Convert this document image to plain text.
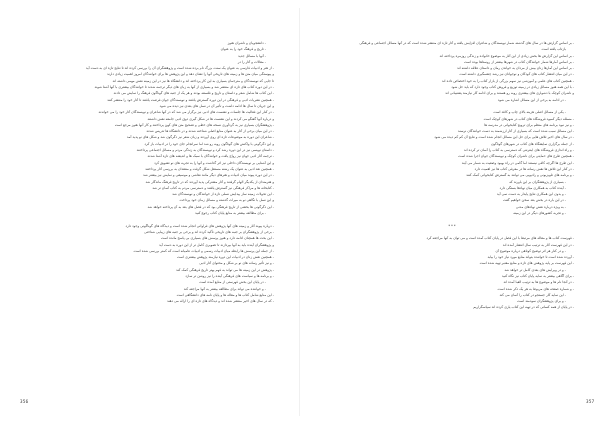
- دانشجویان و ناشران هنوز
- تاریخ و فرهنگ خود را به عنوان
- آنها با مسائل جدید
- مقالات و آثار را در
- از هنر و ادبیات فارسی به عنوان یک سنت بزرگ نام برده شده است و پژوهشگران آن را بررسی کرده اند تا نتایج تازه ای به دست آید
و پیوستگی میان متن ها و زمینه های تاریخی آنها را نشان دهد و این پژوهش ها برای خوانندگان امروز اهمیت زیادی دارند
تا جایی که نویسندگان و مترجمان بسیاری به این کار پرداخته اند و دانشگاه ها نیز در این زمینه نقش مهمی داشته اند
- در این دوره کتاب های تازه ای منتشر شد و بسیاری از آنها به زبان های دیگر ترجمه شدند تا خوانندگان بیشتری با آنها آشنا شوند
- این کتاب ها شامل شعر و داستان و تاریخ و فلسفه بودند و هر یک از جنبه های گوناگون فرهنگ را نمایش می دادند
- همچنین نشریات ادبی و فرهنگی در این دوره گسترش یافتند و نویسندگان جوان فرصت یافتند تا آثار خود را منتشر کنند
و این جریان تا سال ها ادامه داشت و تأثیر آن در نسل های بعدی نیز دیده می شود
- در کنار این فعالیت ها جلسات و نشست های ادبی نیز برگزار می شد که در آنها شاعران و نویسندگان آثار خود را می خواندند
و درباره آنها گفتگو می کردند و این نشست ها در شکل گیری ذوق ادبی جامعه نقش داشتند
- پژوهشگران بسیاری نیز به گردآوری نسخه های خطی و تصحیح متن های کهن پرداختند و کار آنها هنوز مرجع است
- در این میان برخی از آثار به عنوان منابع اصلی شناخته شدند و در دانشگاه ها تدریس شدند
- شاعران این دوره به موضوعات تازه ای روی آوردند و زبان شعر نیز دگرگون شد و شکل های نو پدید آمد
و این دگرگونی با واکنش های گوناگون روبه رو شد اما سرانجام جای خود را در ادبیات باز کرد
- داستان نویسی نیز در این دوره رشد کرد و نویسندگان به زندگی مردم و مسائل اجتماعی پرداختند
- ترجمه آثار ادبی جهان نیز رواج یافت و خوانندگان با سبک ها و اندیشه های تازه آشنا شدند
و این آشنایی بر نویسندگان داخلی نیز اثر گذاشت و آنها را به تجربه های نو تشویق کرد
- همچنین نقد ادبی به عنوان یک رشته مستقل شکل گرفت و منتقدان به بررسی آثار پرداختند
- در این دوره پیوند میان ادبیات و هنرهای دیگر مانند نقاشی و موسیقی و نمایش نیز بیشتر شد
و هنرمندان از یکدیگر الهام گرفتند و آثار مشترکی پدید آوردند که در تاریخ فرهنگ ماندگار شد
- کتابخانه ها و مراکز فرهنگی نیز گسترش یافتند و دسترسی مردم به کتاب آسان تر شد
- این تحولات زمینه ساز پیدایش نسلی تازه از خوانندگان و نویسندگان شد
و این نسل با نگاهی نو به میراث گذشته و مسائل زمان خود پرداخت
- این دگرگونی ها بخشی از تاریخ فرهنگی بود که در فصل های بعد به آن پرداخته خواهد شد
- برای مطالعه بیشتر به منابع پایان کتاب رجوع کنید
- درباره پیوند آثار و زمینه های آنها پژوهش های فراوانی انجام شده است و دیدگاه های گوناگونی وجود دارد
- برخی از پژوهشگران بر جنبه های تاریخی تأکید کرده اند و برخی بر جنبه های زیبایی شناختی
- این بحث ها همچنان ادامه دارد و هنوز پرسش های بسیاری بی پاسخ مانده است
و پژوهشگران آینده باید به آنها بپردازند تا تصویری کامل تر از این دوره به دست آید
- از جمله این پرسش ها رابطه میان ادبیات رسمی و ادبیات عامیانه است که کمتر بررسی شده است
- همچنین نقش زنان در ادبیات این دوره نیازمند پژوهش بیشتری است
- و نیز تأثیر رسانه های نو بر شکل و محتوای آثار ادبی
- پژوهش در این زمینه ها می تواند به فهم بهتر تاریخ فرهنگی کمک کند
- و برنامه ها و سیاست های فرهنگی آینده را نیز روشن تر سازد
- در پایان این بخش فهرستی از منابع آمده است
- و خواننده می تواند برای مطالعه بیشتر به آنها مراجعه کند
- این منابع شامل کتاب ها و مقاله ها و پایان نامه های دانشگاهی است
- که در سال های اخیر منتشر شده اند و دیدگاه های تازه ای را ارائه می دهند
356
- بر اساس گزارش ها در سال های گذشته شمار نویسندگان و شاعران افزایش یافته و آثار تازه ای منتشر شده است که در آنها مسائل اجتماعی و فرهنگی
بازتاب یافته است
- بر اساس این گزارش ها بخش زیادی از این آثار به موضوع خانواده و زندگی روزمره پرداخته اند
- بر اساس آمارها شمار خوانندگان کتاب در شهرها بیشتر از روستاها بوده است
- بر اساس این آمارها زنان بیش از مردان به خواندن رمان و داستان علاقه داشته اند
- در این میان انتشار کتاب های کودکان و نوجوانان نیز رشد چشمگیری داشته است
- همچنین کتاب های علمی و آموزشی نیز سهم بزرگی از بازار کتاب را به خود اختصاص داده اند
- با این همه هنوز مسائل زیادی در زمینه توزیع و فروش کتاب وجود دارد که باید حل شود
و ناشران کوچک با دشواری های بیشتری روبه رو هستند و برای ادامه کار نیازمند پشتیبانی اند
- در ادامه به برخی از این مسائل اشاره می شود
- یکی از مسائل اصلی هزینه بالای چاپ و کاغذ است
- مسئله دیگر کمبود فروشگاه های کتاب در شهرهای کوچک است
- و نیز نبود برنامه های منظم برای ترویج کتابخوانی در مدرسه ها
- این مسائل سبب شده است که بسیاری از آثار ارزشمند به دست خوانندگان نرسند
- در سال های اخیر تلاش هایی برای حل این مسائل انجام شده است و نتایج آن کم کم دیده می شود
- از جمله برگزاری نمایشگاه های کتاب در شهرهای گوناگون
- و راه اندازی فروشگاه های اینترنتی که دسترسی به کتاب را آسان تر کرده اند
- همچنین طرح های حمایتی برای ناشران کوچک و نویسندگان جوان اجرا شده است
- این طرح ها اگرچه کافی نیستند اما گامی در راه بهبود وضعیت به شمار می آیند
- در کنار این تلاش ها نقش رسانه ها در معرفی کتاب ها نیز اهمیت دارد
- و برنامه های تلویزیونی و رادیویی می توانند به گسترش کتابخوانی کمک کنند
- بسیاری از پژوهشگران بر این باورند که
- آینده کتاب به همکاری میان نهادها بستگی دارد
- و بدون این همکاری نتایج پایدار به دست نمی آید
- در این باره در بخش بعد سخن خواهیم گفت
- به ویژه درباره نقش نهادهای مدنی
- و تجربه کشورهای دیگر در این زمینه
* * *
- فهرست کتاب ها و مقاله های مرتبط با این فصل در پایان کتاب آمده است و می توان به آنها مراجعه کرد
- در این فهرست آثار به ترتیب سال انتشار آمده اند
- و در کنار هر اثر توضیح کوتاهی درباره موضوع آن
- آورده شده است تا خواننده بتواند منابع مورد نیاز خود را بیابد
- این فهرست بر پایه پژوهش های تازه و منابع معتبر تهیه شده است
- و در ویرایش های بعدی کامل تر خواهد شد
- برای آگاهی بیشتر به نمایه پایان کتاب نیز نگاه کنید
- در آنجا نام ها و موضوع ها به ترتیب الفبا آمده اند
- و شماره صفحه های مربوط به هر یک ذکر شده است
- این نمایه کار جستجو در کتاب را آسان می کند
- و برای پژوهشگران سودمند است
- در پایان از همه کسانی که در تهیه این کتاب یاری کرده اند سپاسگزاریم
357
